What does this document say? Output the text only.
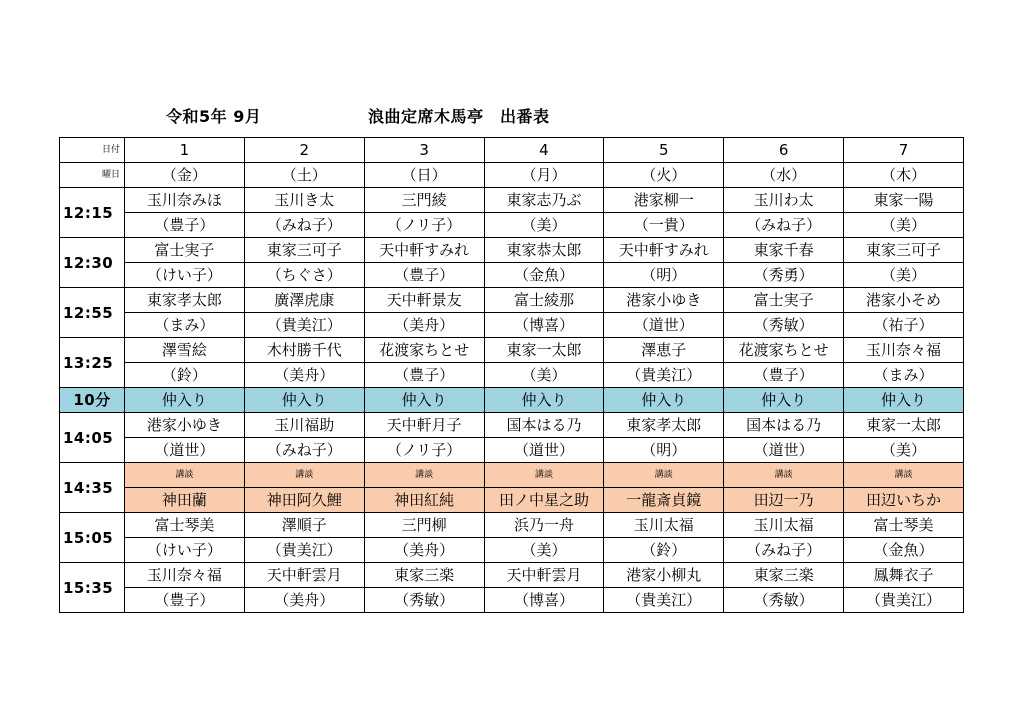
令和5年 9月	浪曲定席木馬亭　出番表
日付	1	2	3	4	5	6	7
曜日	（金）	（土）	（日）	（月）	（火）	（水）	（木）
12:15	玉川奈みほ	玉川き太	三門綾	東家志乃ぶ	港家柳一	玉川わ太	東家一陽
	（豊子）	（みね子）	（ノリ子）	（美）	（一貴）	（みね子）	（美）
12:30	富士実子	東家三可子	天中軒すみれ	東家恭太郎	天中軒すみれ	東家千春	東家三可子
	（けい子）	（ちぐさ）	（豊子）	（金魚）	（明）	（秀勇）	（美）
12:55	東家孝太郎	廣澤虎康	天中軒景友	富士綾那	港家小ゆき	富士実子	港家小そめ
	（まみ）	（貴美江）	（美舟）	（博喜）	（道世）	（秀敏）	（祐子）
13:25	澤雪絵	木村勝千代	花渡家ちとせ	東家一太郎	澤恵子	花渡家ちとせ	玉川奈々福
	（鈴）	（美舟）	（豊子）	（美）	（貴美江）	（豊子）	（まみ）
10分	仲入り	仲入り	仲入り	仲入り	仲入り	仲入り	仲入り
14:05	港家小ゆき	玉川福助	天中軒月子	国本はる乃	東家孝太郎	国本はる乃	東家一太郎
	（道世）	（みね子）	（ノリ子）	（道世）	（明）	（道世）	（美）
14:35	講談	講談	講談	講談	講談	講談	講談
	神田蘭	神田阿久鯉	神田紅純	田ノ中星之助	一龍斎貞鏡	田辺一乃	田辺いちか
15:05	富士琴美	澤順子	三門柳	浜乃一舟	玉川太福	玉川太福	富士琴美
	（けい子）	（貴美江）	（美舟）	（美）	（鈴）	（みね子）	（金魚）
15:35	玉川奈々福	天中軒雲月	東家三楽	天中軒雲月	港家小柳丸	東家三楽	鳳舞衣子
	（豊子）	（美舟）	（秀敏）	（博喜）	（貴美江）	（秀敏）	（貴美江）
